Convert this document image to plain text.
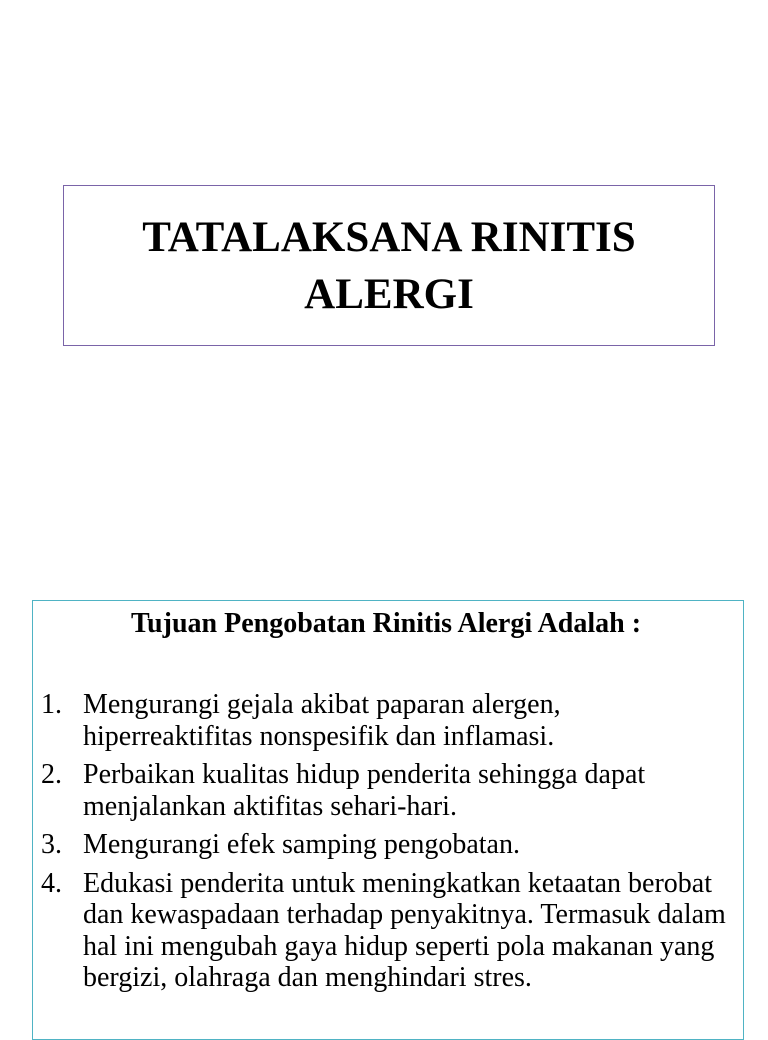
TATALAKSANA RINITIS ALERGI
Tujuan Pengobatan Rinitis Alergi Adalah :
1. Mengurangi gejala akibat paparan alergen, hiperreaktifitas nonspesifik dan inflamasi.
2. Perbaikan kualitas hidup penderita sehingga dapat menjalankan aktifitas sehari-hari.
3. Mengurangi efek samping pengobatan.
4. Edukasi penderita untuk meningkatkan ketaatan berobat dan kewaspadaan terhadap penyakitnya. Termasuk dalam hal ini mengubah gaya hidup seperti pola makanan yang bergizi, olahraga dan menghindari stres.
